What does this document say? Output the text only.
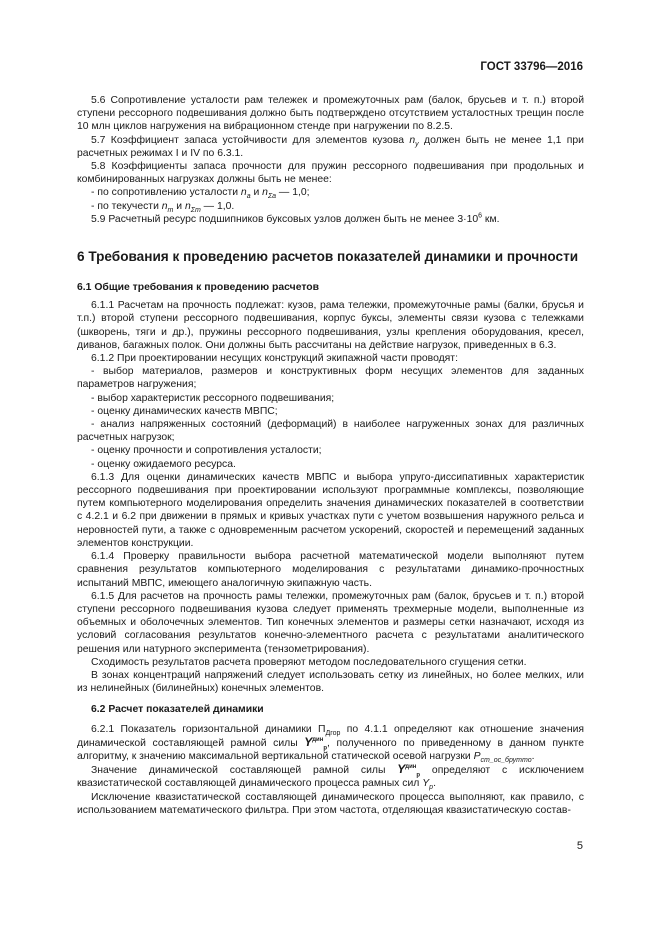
ГОСТ 33796—2016

5.6 Сопротивление усталости рам тележек и промежуточных рам (балок, брусьев и т. п.) второй ступени рессорного подвешивания должно быть подтверждено отсутствием усталостных трещин после 10 млн циклов нагружения на вибрационном стенде при нагружении по 8.2.5.

5.7 Коэффициент запаса устойчивости для элементов кузова $n_y$ должен быть не менее 1,1 при расчетных режимах I и IV по 6.3.1.

5.8 Коэффициенты запаса прочности для пружин рессорного подвешивания при продольных и комбинированных нагрузках должны быть не менее:

- по сопротивлению усталости $n_a$ и $n_{\Sigma a}$ — 1,0;

- по текучести $n_т$ и $n_{\Sigma т}$ — 1,0.

5.9 Расчетный ресурс подшипников буксовых узлов должен быть не менее $3\cdot 10^6$ км.

6 Требования к проведению расчетов показателей динамики и прочности

6.1 Общие требования к проведению расчетов

6.1.1 Расчетам на прочность подлежат: кузов, рама тележки, промежуточные рамы (балки, брусья и т.п.) второй ступени рессорного подвешивания, корпус буксы, элементы связи кузова с тележками (шкворень, тяги и др.), пружины рессорного подвешивания, узлы крепления оборудования, кресел, диванов, багажных полок. Они должны быть рассчитаны на действие нагрузок, приведенных в 6.3.

6.1.2 При проектировании несущих конструкций экипажной части проводят:

- выбор материалов, размеров и конструктивных форм несущих элементов для заданных параметров нагружения;

- выбор характеристик рессорного подвешивания;

- оценку динамических качеств МВПС;

- анализ напряженных состояний (деформаций) в наиболее нагруженных зонах для различных расчетных нагрузок;

- оценку прочности и сопротивления усталости;

- оценку ожидаемого ресурса.

6.1.3 Для оценки динамических качеств МВПС и выбора упруго-диссипативных характеристик рессорного подвешивания при проектировании используют программные комплексы, позволяющие путем компьютерного моделирования определить значения динамических показателей в соответствии с 4.2.1 и 6.2 при движении в прямых и кривых участках пути с учетом возвышения наружного рельса и неровностей пути, а также с одновременным расчетом ускорений, скоростей и перемещений заданных элементов конструкции.

6.1.4 Проверку правильности выбора расчетной математической модели выполняют путем сравнения результатов компьютерного моделирования с результатами динамико-прочностных испытаний МВПС, имеющего аналогичную экипажную часть.

6.1.5 Для расчетов на прочность рамы тележки, промежуточных рам (балок, брусьев и т. п.) второй ступени рессорного подвешивания кузова следует применять трехмерные модели, выполненные из объемных и оболочечных элементов. Тип конечных элементов и размеры сетки назначают, исходя из условий согласования результатов конечно-элементного расчета с результатами аналитического решения или натурного эксперимента (тензометрирования).

Сходимость результатов расчета проверяют методом последовательного сгущения сетки.

В зонах концентраций напряжений следует использовать сетку из линейных, но более мелких, или из нелинейных (билинейных) конечных элементов.

6.2 Расчет показателей динамики

6.2.1 Показатель горизонтальной динамики $П_{Дгор}$ по 4.1.1 определяют как отношение значения динамической составляющей рамной силы $Y^{дин}_р$, полученного по приведенному в данном пункте алгоритму, к значению максимальной вертикальной статической осевой нагрузки $P_{ст\_ос\_брутто}$.

Значение динамической составляющей рамной силы $Y^{дин}_р$ определяют с исключением квазистатической составляющей динамического процесса рамных сил $Y_р$.

Исключение квазистатической составляющей динамического процесса выполняют, как правило, с использованием математического фильтра. При этом частота, отделяющая квазистатическую состав-

5
